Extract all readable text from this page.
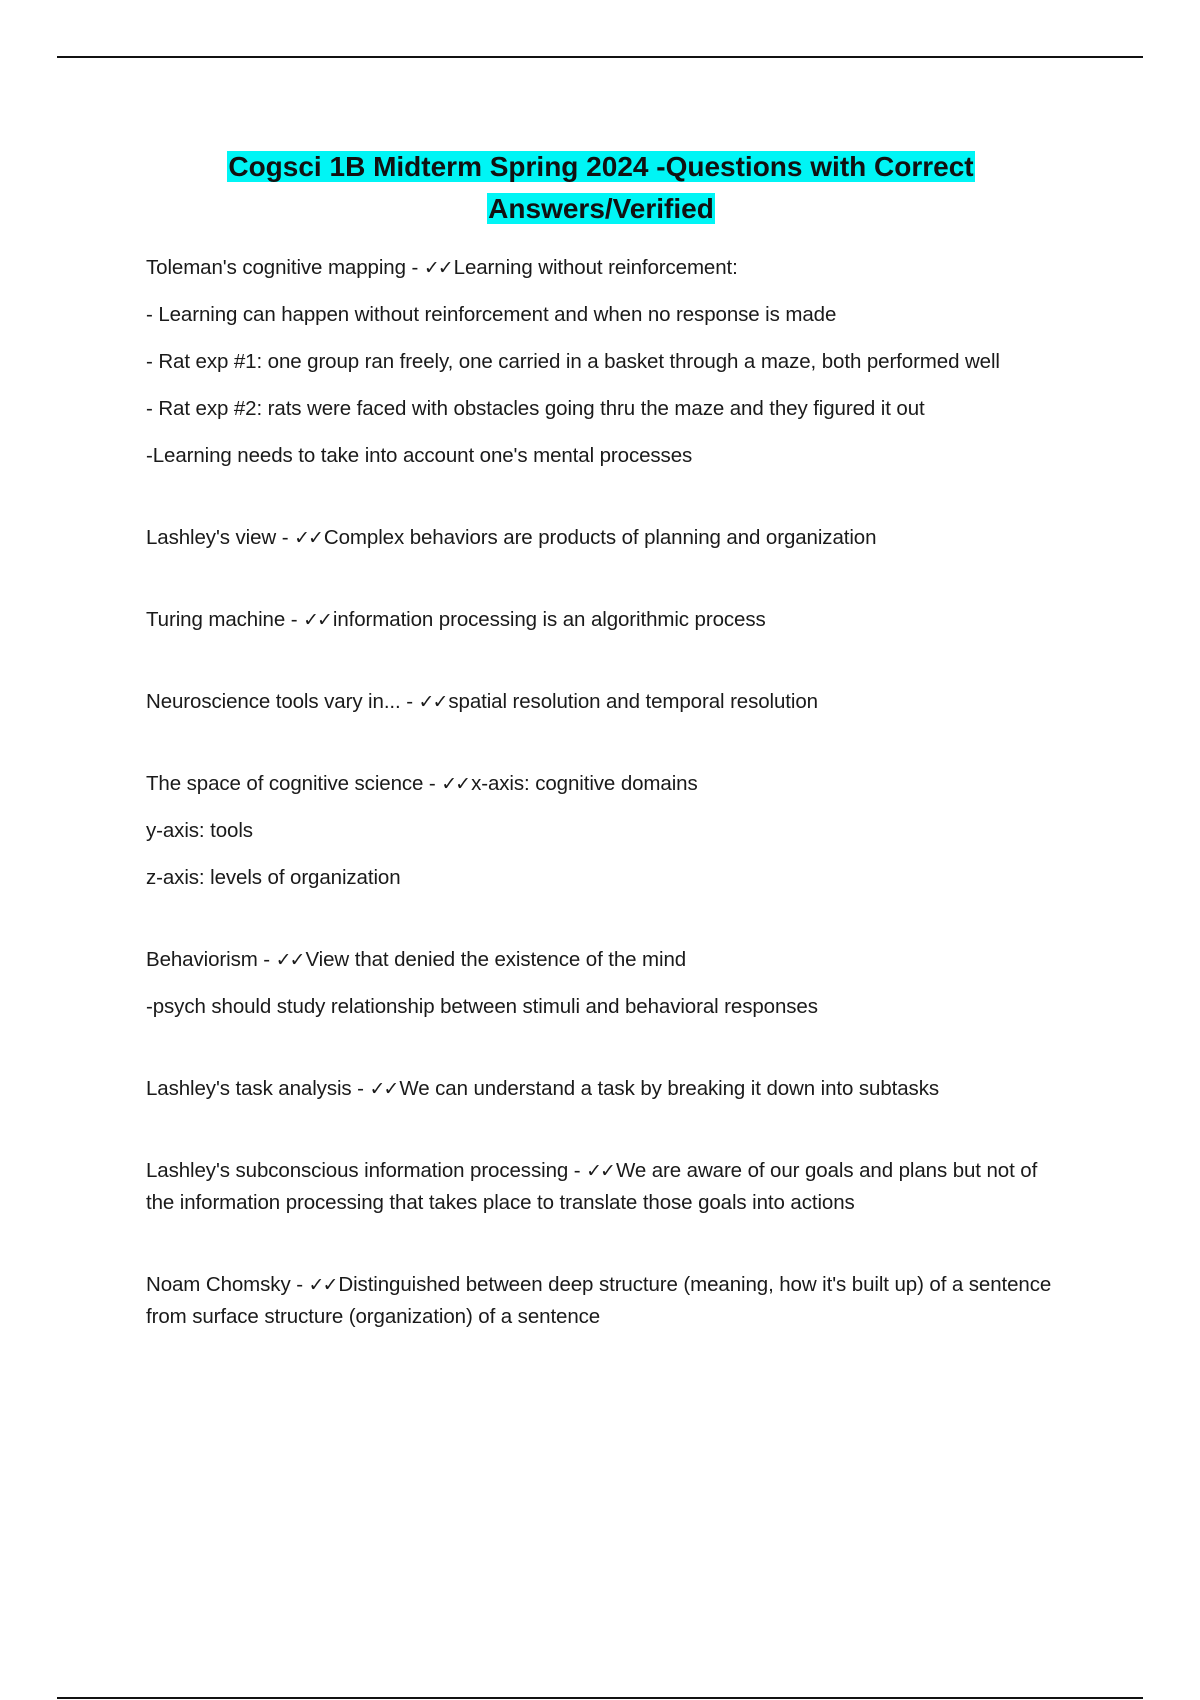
Cogsci 1B Midterm Spring 2024 -Questions with Correct
Answers/Verified

Toleman's cognitive mapping - ✓✓Learning without reinforcement:

- Learning can happen without reinforcement and when no response is made

- Rat exp #1: one group ran freely, one carried in a basket through a maze, both performed well

- Rat exp #2: rats were faced with obstacles going thru the maze and they figured it out

-Learning needs to take into account one's mental processes

Lashley's view - ✓✓Complex behaviors are products of planning and organization

Turing machine - ✓✓information processing is an algorithmic process

Neuroscience tools vary in... - ✓✓spatial resolution and temporal resolution

The space of cognitive science - ✓✓x-axis: cognitive domains

y-axis: tools

z-axis: levels of organization

Behaviorism - ✓✓View that denied the existence of the mind

-psych should study relationship between stimuli and behavioral responses

Lashley's task analysis - ✓✓We can understand a task by breaking it down into subtasks

Lashley's subconscious information processing - ✓✓We are aware of our goals and plans but not of the information processing that takes place to translate those goals into actions

Noam Chomsky - ✓✓Distinguished between deep structure (meaning, how it's built up) of a sentence from surface structure (organization) of a sentence
